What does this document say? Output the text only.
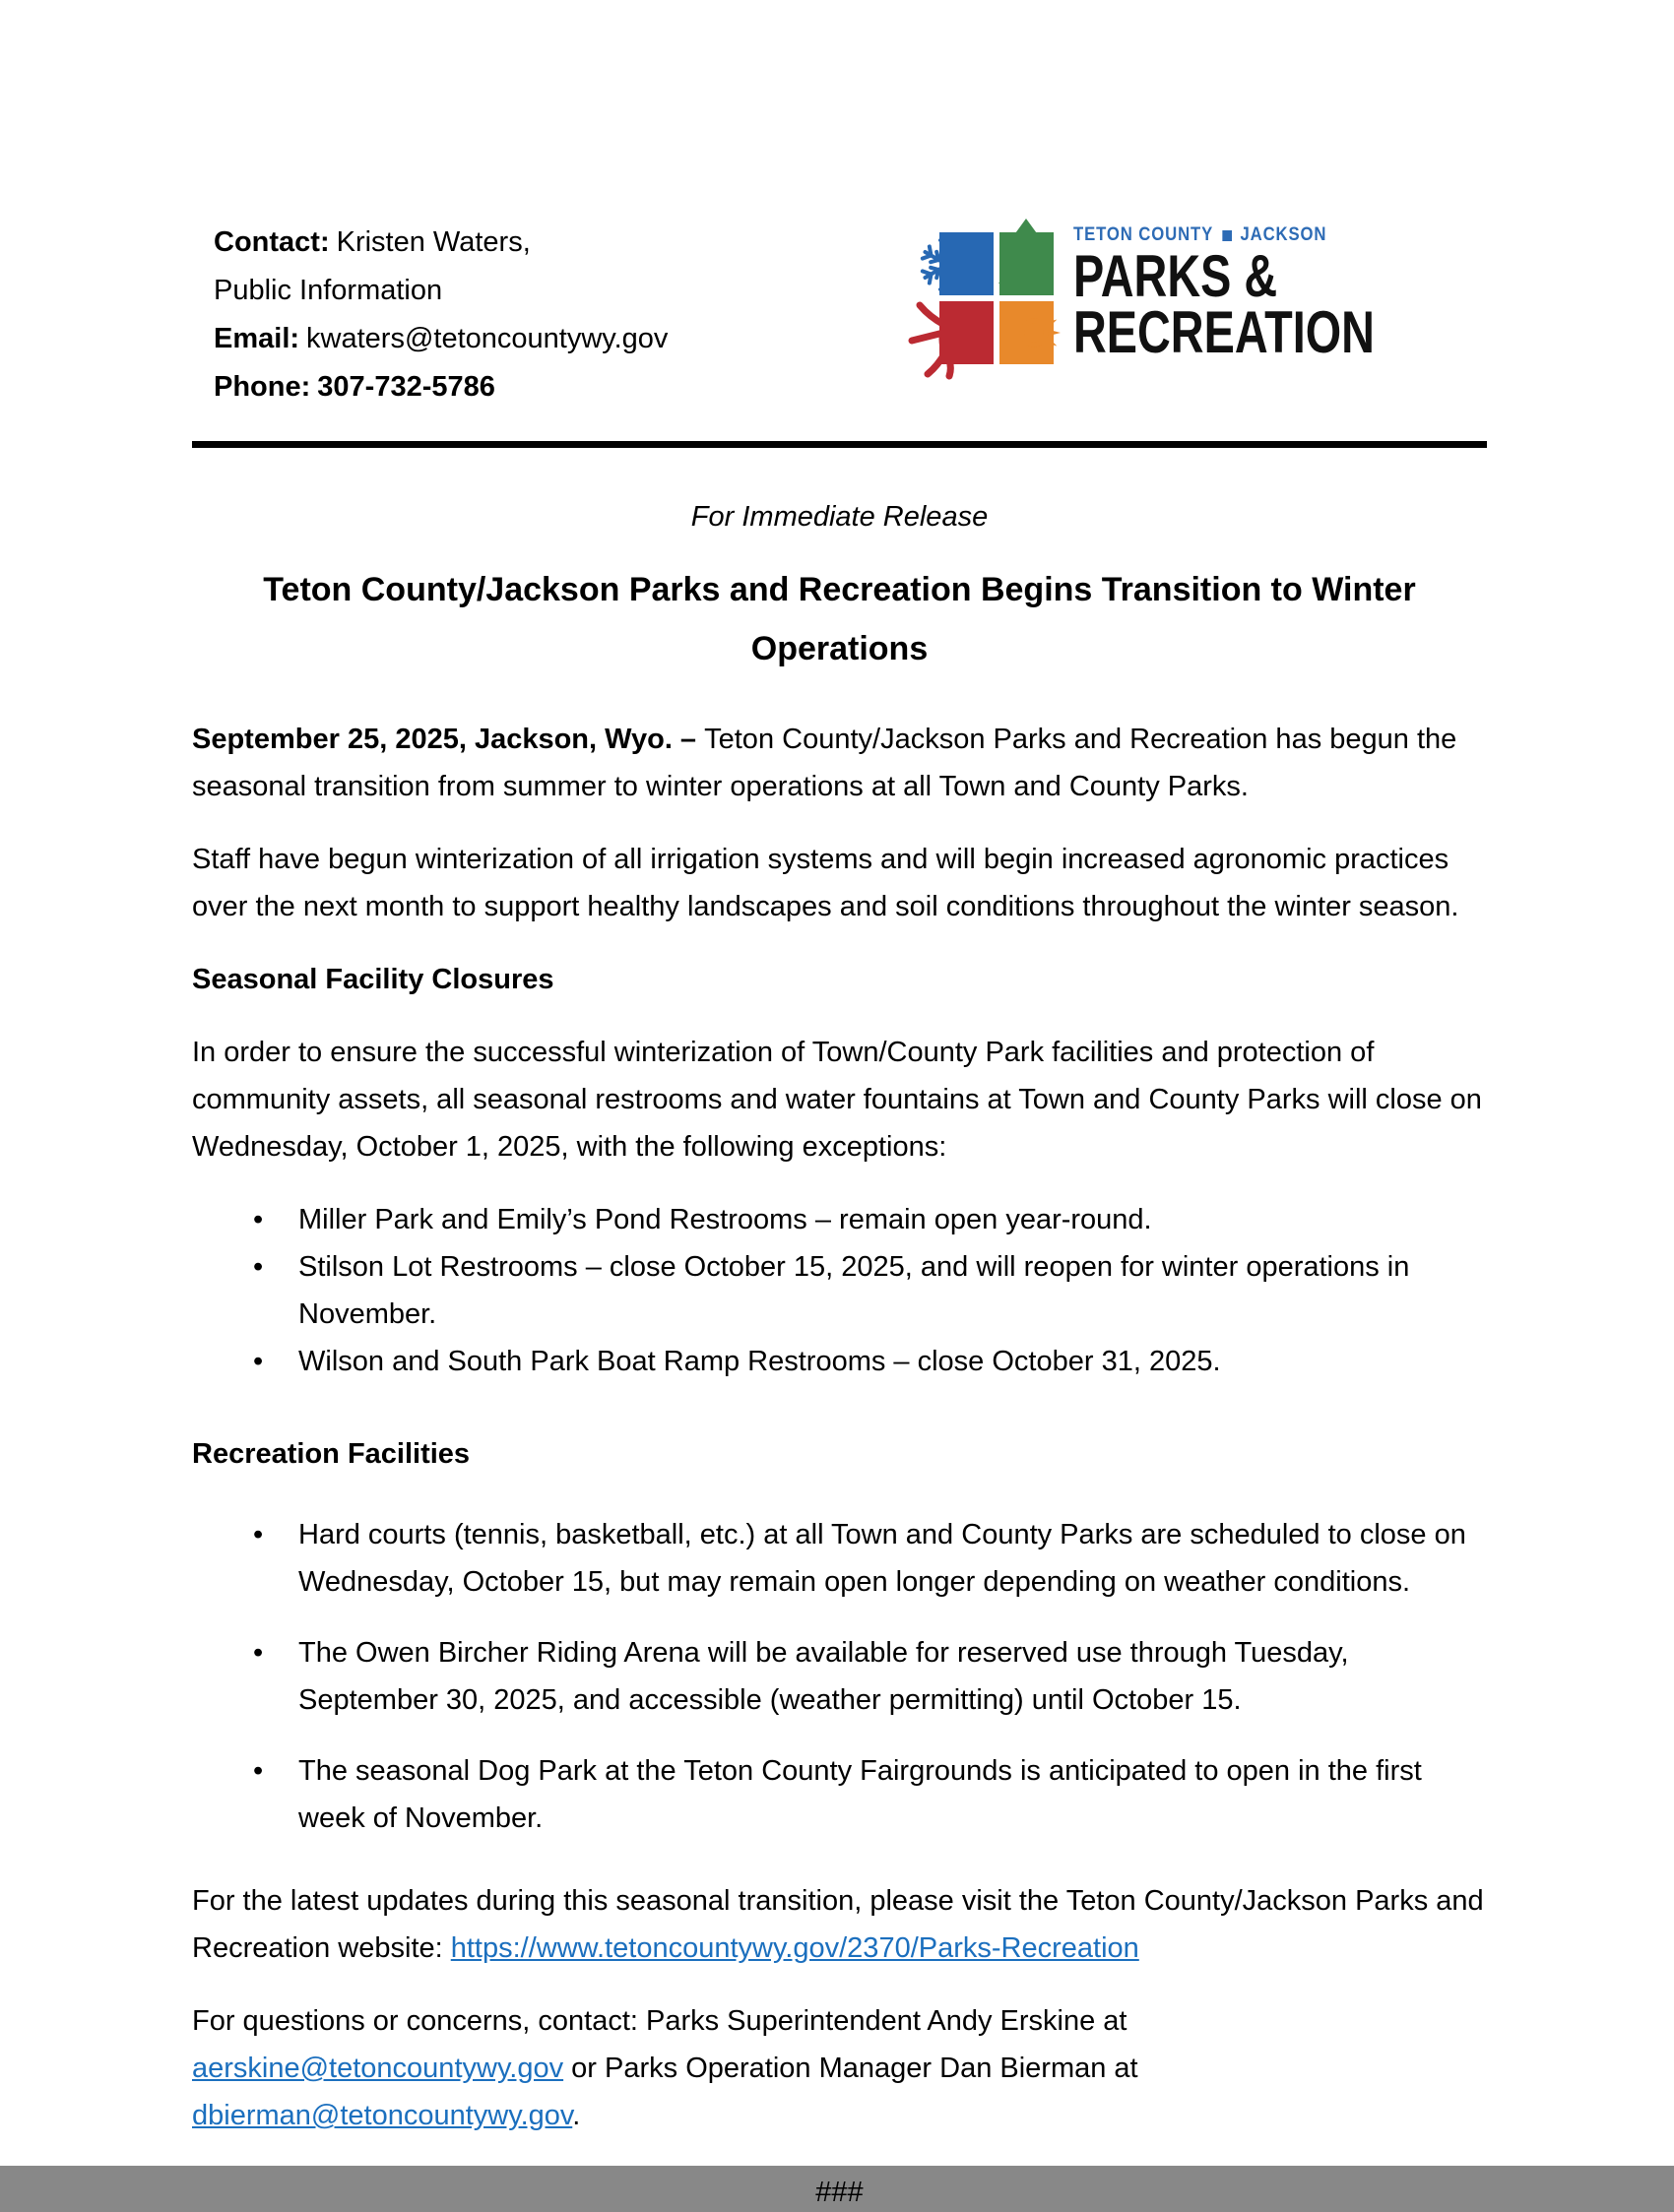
Contact: Kristen Waters,
Public Information
Email: kwaters@tetoncountywy.gov
Phone: 307-732-5786
TETON COUNTY JACKSON
PARKS &
RECREATION
For Immediate Release
Teton County/Jackson Parks and Recreation Begins Transition to Winter Operations

September 25, 2025, Jackson, Wyo. – Teton County/Jackson Parks and Recreation has begun the seasonal transition from summer to winter operations at all Town and County Parks.

Staff have begun winterization of all irrigation systems and will begin increased agronomic practices over the next month to support healthy landscapes and soil conditions throughout the winter season.

Seasonal Facility Closures

In order to ensure the successful winterization of Town/County Park facilities and protection of community assets, all seasonal restrooms and water fountains at Town and County Parks will close on Wednesday, October 1, 2025, with the following exceptions:

• Miller Park and Emily’s Pond Restrooms – remain open year-round.
• Stilson Lot Restrooms – close October 15, 2025, and will reopen for winter operations in November.
• Wilson and South Park Boat Ramp Restrooms – close October 31, 2025.
Recreation Facilities
• Hard courts (tennis, basketball, etc.) at all Town and County Parks are scheduled to close on Wednesday, October 15, but may remain open longer depending on weather conditions.
• The Owen Bircher Riding Arena will be available for reserved use through Tuesday, September 30, 2025, and accessible (weather permitting) until October 15.
• The seasonal Dog Park at the Teton County Fairgrounds is anticipated to open in the first week of November.

For the latest updates during this seasonal transition, please visit the Teton County/Jackson Parks and Recreation website: https://www.tetoncountywy.gov/2370/Parks-Recreation

For questions or concerns, contact: Parks Superintendent Andy Erskine at aerskine@tetoncountywy.gov or Parks Operation Manager Dan Bierman at dbierman@tetoncountywy.gov.

###
